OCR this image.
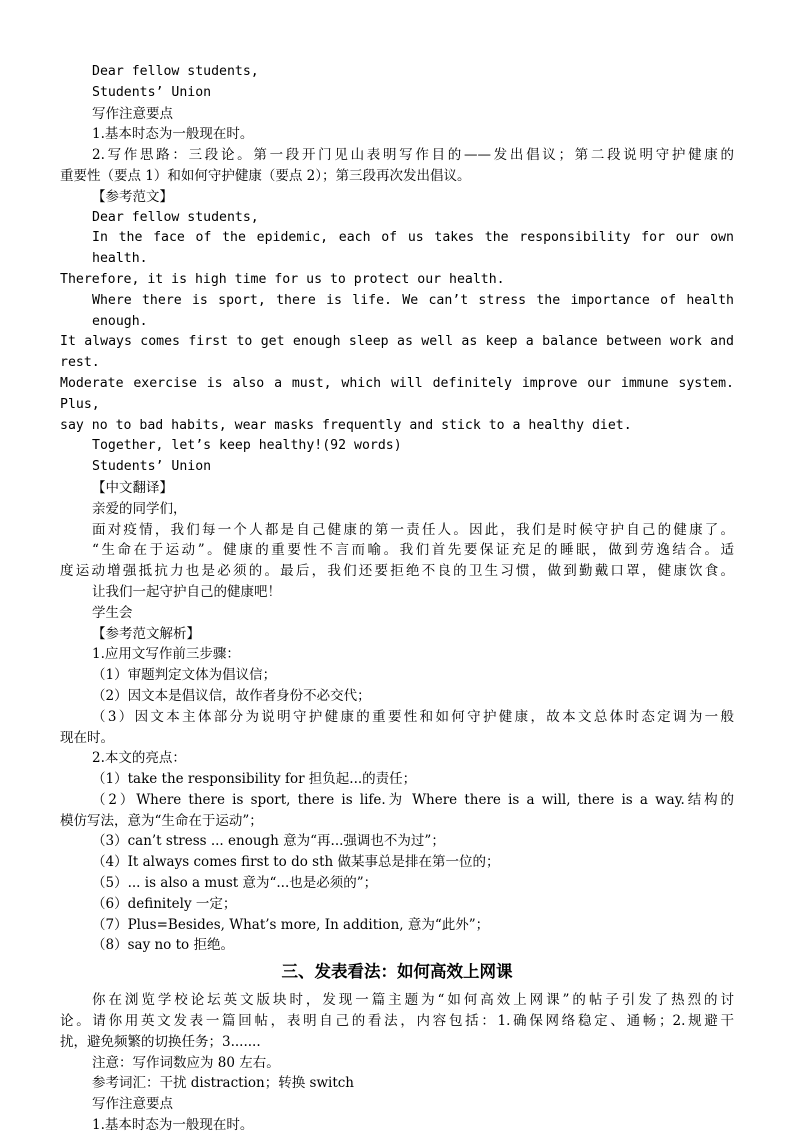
Dear fellow students,
Students’ Union
写作注意要点
1.基本时态为一般现在时。
2.写作思路：三段论。第一段开门见山表明写作目的——发出倡议；第二段说明守护健康的
重要性（要点 1）和如何守护健康（要点 2）；第三段再次发出倡议。
【参考范文】
Dear fellow students,
In the face of the epidemic, each of us takes the responsibility for our own health.
Therefore, it is high time for us to protect our health.
Where there is sport, there is life. We can’t stress the importance of health enough.
It always comes first to get enough sleep as well as keep a balance between work and rest.
Moderate exercise is also a must, which will definitely improve our immune system. Plus,
say no to bad habits, wear masks frequently and stick to a healthy diet.
Together, let’s keep healthy!(92 words)
Students’ Union
【中文翻译】
亲爱的同学们，
面对疫情，我们每一个人都是自己健康的第一责任人。因此，我们是时候守护自己的健康了。
“生命在于运动”。健康的重要性不言而喻。我们首先要保证充足的睡眠，做到劳逸结合。适
度运动增强抵抗力也是必须的。最后，我们还要拒绝不良的卫生习惯，做到勤戴口罩，健康饮食。
让我们一起守护自己的健康吧！
学生会
【参考范文解析】
1.应用文写作前三步骤：
（1）审题判定文体为倡议信；
（2）因文本是倡议信，故作者身份不必交代；
（3）因文本主体部分为说明守护健康的重要性和如何守护健康，故本文总体时态定调为一般
现在时。
2.本文的亮点：
（1）take the responsibility for 担负起...的责任；
（2）Where there is sport, there is life.为 Where there is a will, there is a way.结构的
模仿写法，意为“生命在于运动”；
（3）can’t stress ... enough 意为“再...强调也不为过”；
（4）It always comes first to do sth 做某事总是排在第一位的；
（5）... is also a must 意为“...也是必须的”；
（6）definitely 一定；
（7）Plus=Besides, What’s more, In addition, 意为“此外”；
（8）say no to 拒绝。
三、发表看法：如何高效上网课
你在浏览学校论坛英文版块时，发现一篇主题为“如何高效上网课”的帖子引发了热烈的讨
论。请你用英文发表一篇回帖，表明自己的看法，内容包括：1.确保网络稳定、通畅；2.规避干
扰，避免频繁的切换任务；3.......
注意：写作词数应为 80 左右。
参考词汇：干扰 distraction；转换 switch
写作注意要点
1.基本时态为一般现在时。
